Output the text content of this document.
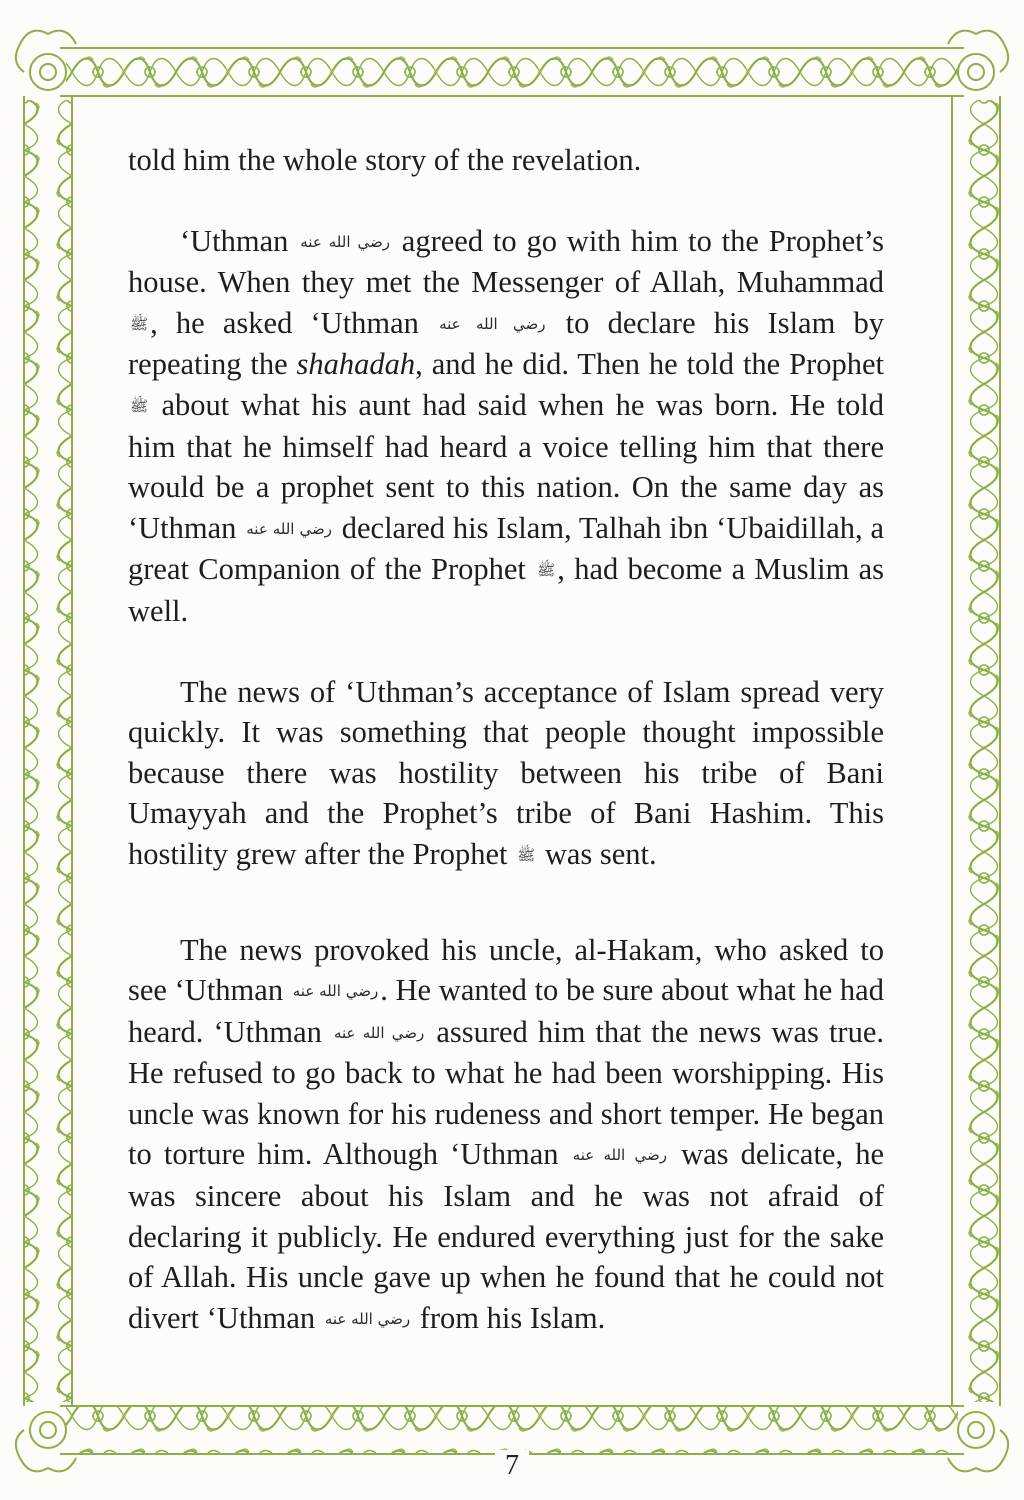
told him the whole story of the revelation.

‘Uthman رضي الله عنه agreed to go with him to the Prophet’s house. When they met the Messenger of Allah, Muhammad ﷺ, he asked ‘Uthman رضي الله عنه to declare his Islam by repeating the shahadah, and he did. Then he told the Prophet ﷺ about what his aunt had said when he was born. He told him that he himself had heard a voice telling him that there would be a prophet sent to this nation. On the same day as ‘Uthman رضي الله عنه declared his Islam, Talhah ibn ‘Ubaidillah, a great Companion of the Prophet ﷺ, had become a Muslim as well.

The news of ‘Uthman’s acceptance of Islam spread very quickly. It was something that people thought impossible because there was hostility between his tribe of Bani Umayyah and the Prophet’s tribe of Bani Hashim. This hostility grew after the Prophet ﷺ was sent.

The news provoked his uncle, al-Hakam, who asked to see ‘Uthman رضي الله عنه. He wanted to be sure about what he had heard. ‘Uthman رضي الله عنه assured him that the news was true. He refused to go back to what he had been worshipping. His uncle was known for his rudeness and short temper. He began to torture him. Although ‘Uthman رضي الله عنه was delicate, he was sincere about his Islam and he was not afraid of declaring it publicly. He endured everything just for the sake of Allah. His uncle gave up when he found that he could not divert ‘Uthman رضي الله عنه from his Islam.

7
